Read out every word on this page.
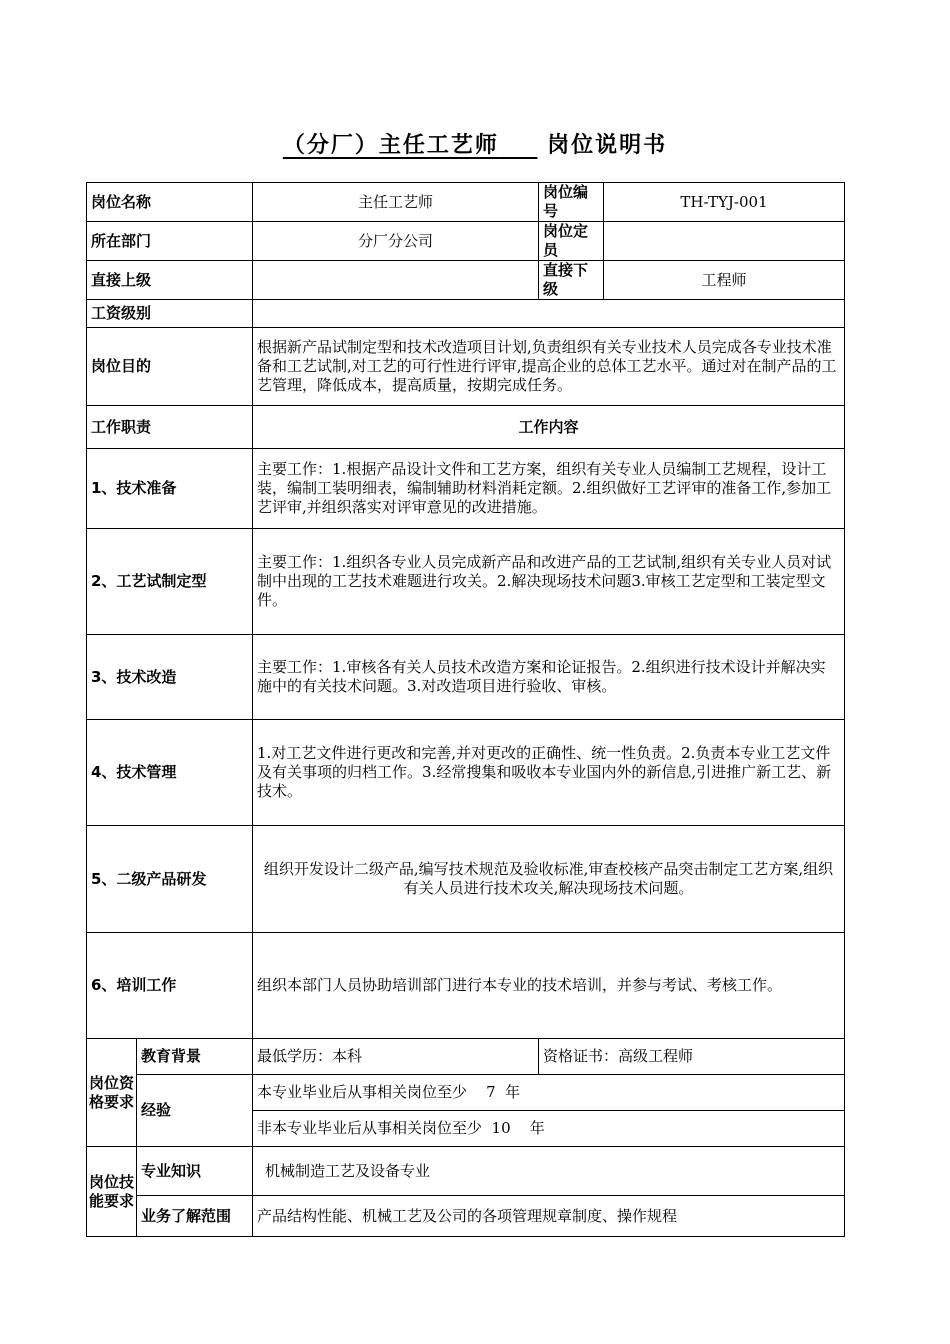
（分厂）主任工艺师 岗位说明书
岗位名称		主任工艺师	岗位编号	TH-TYJ-001
所在部门		分厂分公司	岗位定员	
直接上级			直接下级	工程师
工资级别				
岗位目的		根据新产品试制定型和技术改造项目计划,负责组织有关专业技术人员完成各专业技术准备和工艺试制,对工艺的可行性进行评审,提高企业的总体工艺水平。通过对在制产品的工艺管理，降低成本，提高质量，按期完成任务。		
工作职责		工作内容		
1、技术准备		主要工作：1.根据产品设计文件和工艺方案，组织有关专业人员编制工艺规程，设计工装，编制工装明细表，编制辅助材料消耗定额。2.组织做好工艺评审的准备工作,参加工艺评审,并组织落实对评审意见的改进措施。		
2、工艺试制定型		主要工作：1.组织各专业人员完成新产品和改进产品的工艺试制,组织有关专业人员对试制中出现的工艺技术难题进行攻关。2.解决现场技术问题3.审核工艺定型和工装定型文件。		
3、技术改造		主要工作：1.审核各有关人员技术改造方案和论证报告。2.组织进行技术设计并解决实施中的有关技术问题。3.对改造项目进行验收、审核。		
4、技术管理		1.对工艺文件进行更改和完善,并对更改的正确性、统一性负责。2.负责本专业工艺文件及有关事项的归档工作。3.经常搜集和吸收本专业国内外的新信息,引进推广新工艺、新技术。		
5、二级产品研发		组织开发设计二级产品,编写技术规范及验收标准,审查校核产品突击制定工艺方案,组织有关人员进行技术攻关,解决现场技术问题。		
6、培训工作		组织本部门人员协助培训部门进行本专业的技术培训，并参与考试、考核工作。		
岗位资格要求	教育背景	最低学历：本科	资格证书：高级工程师	
	经验	本专业毕业后从事相关岗位至少    7  年		
		非本专业毕业后从事相关岗位至少  10    年		
岗位技能要求	专业知识	机械制造工艺及设备专业		
	业务了解范围	产品结构性能、机械工艺及公司的各项管理规章制度、操作规程		
